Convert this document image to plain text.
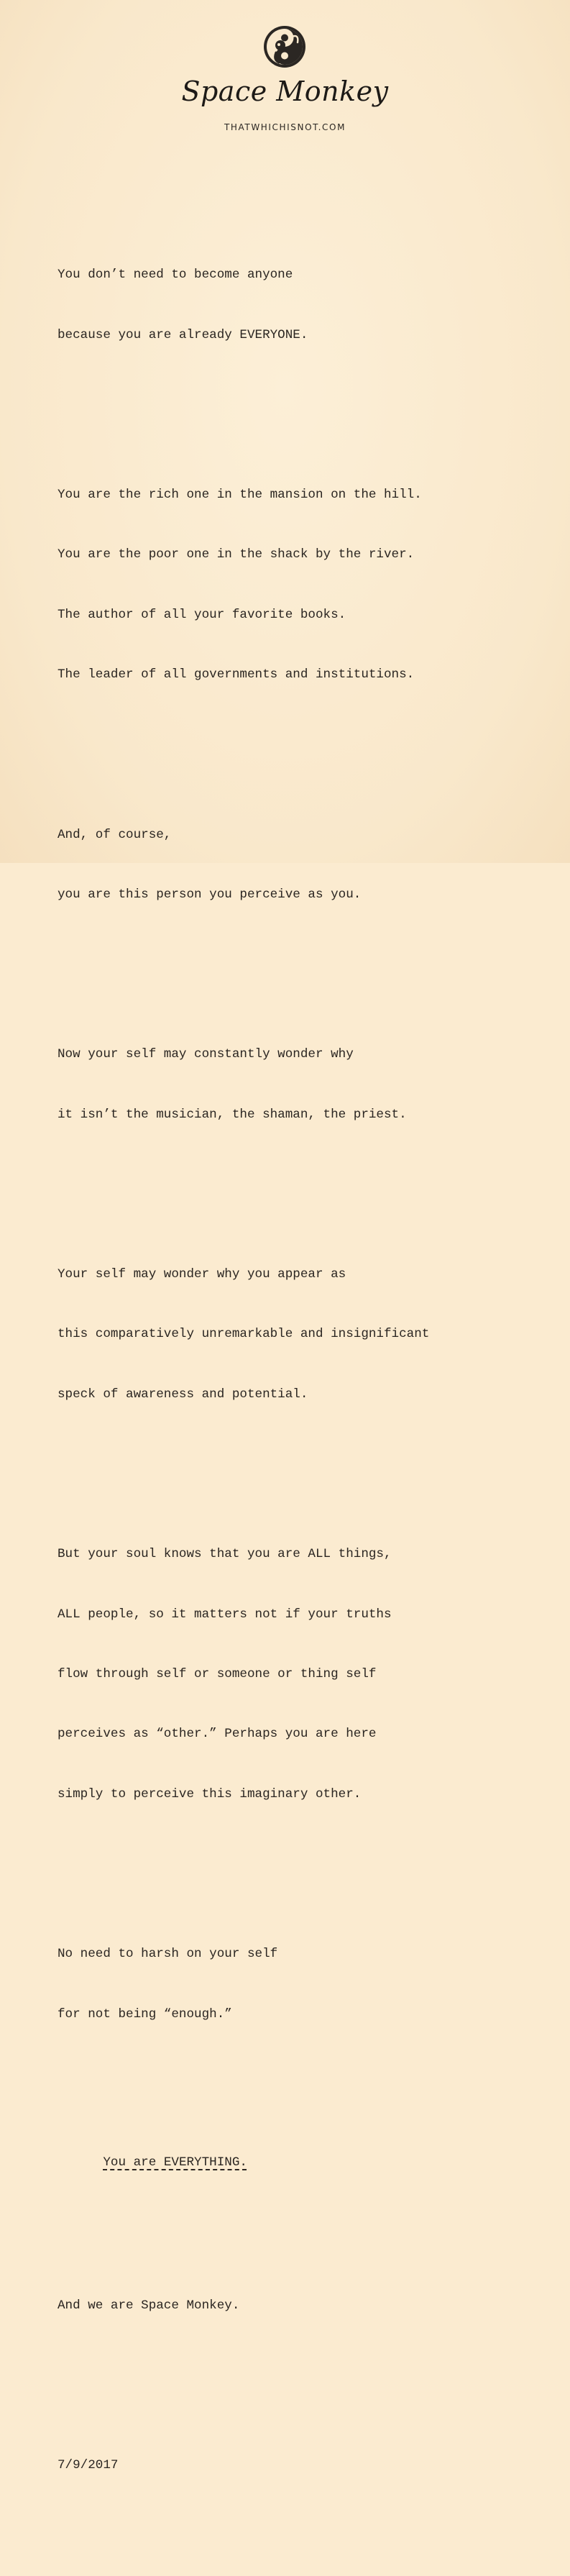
Space Monkey
THATWHICHISNOT.COM

You don’t need to become anyone

because you are already EVERYONE.

You are the rich one in the mansion on the hill.

You are the poor one in the shack by the river.

The author of all your favorite books.

The leader of all governments and institutions.

And, of course,

you are this person you perceive as you.

Now your self may constantly wonder why

it isn’t the musician, the shaman, the priest.

Your self may wonder why you appear as

this comparatively unremarkable and insignificant

speck of awareness and potential.

But your soul knows that you are ALL things,

ALL people, so it matters not if your truths

flow through self or someone or thing self

perceives as “other.” Perhaps you are here

simply to perceive this imaginary other.

No need to harsh on your self

for not being “enough.”

You are EVERYTHING.

And we are Space Monkey.

7/9/2017
